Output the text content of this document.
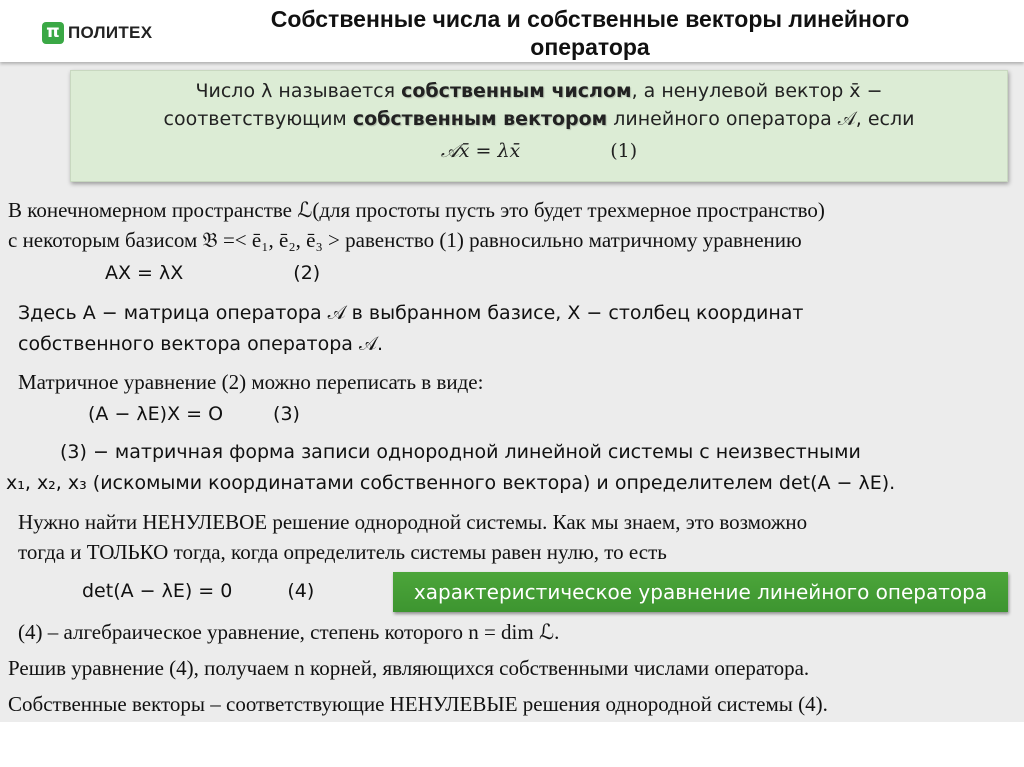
π ПОЛИТЕХ
Собственные числа и собственные векторы линейного оператора
Число λ называется собственным числом, а ненулевой вектор x̄ −
соответствующим собственным вектором линейного оператора 𝒜, если
𝒜x̄ = λx̄	(1)
В конечномерном пространстве ℒ(для простоты пусть это будет трехмерное пространство)
с некоторым базисом 𝔅 =< ē₁, ē₂, ē₃ > равенство (1) равносильно матричному уравнению
AX = λX	(2)
Здесь A − матрица оператора 𝒜 в выбранном базисе, X − столбец координат
собственного вектора оператора 𝒜.
Матричное уравнение (2) можно переписать в виде:
(A − λE)X = O	(3)
(3) − матричная форма записи однородной линейной системы с неизвестными
x₁, x₂, x₃ (искомыми координатами собственного вектора) и определителем det(A − λE).
Нужно найти НЕНУЛЕВОЕ решение однородной системы. Как мы знаем, это возможно
тогда и ТОЛЬКО тогда, когда определитель системы равен нулю, то есть
det(A − λE) = 0	(4)	характеристическое уравнение линейного оператора
(4) – алгебраическое уравнение, степень которого n = dim ℒ.
Решив уравнение (4), получаем n корней, являющихся собственными числами оператора.
Собственные векторы – соответствующие НЕНУЛЕВЫЕ решения однородной системы (4).
